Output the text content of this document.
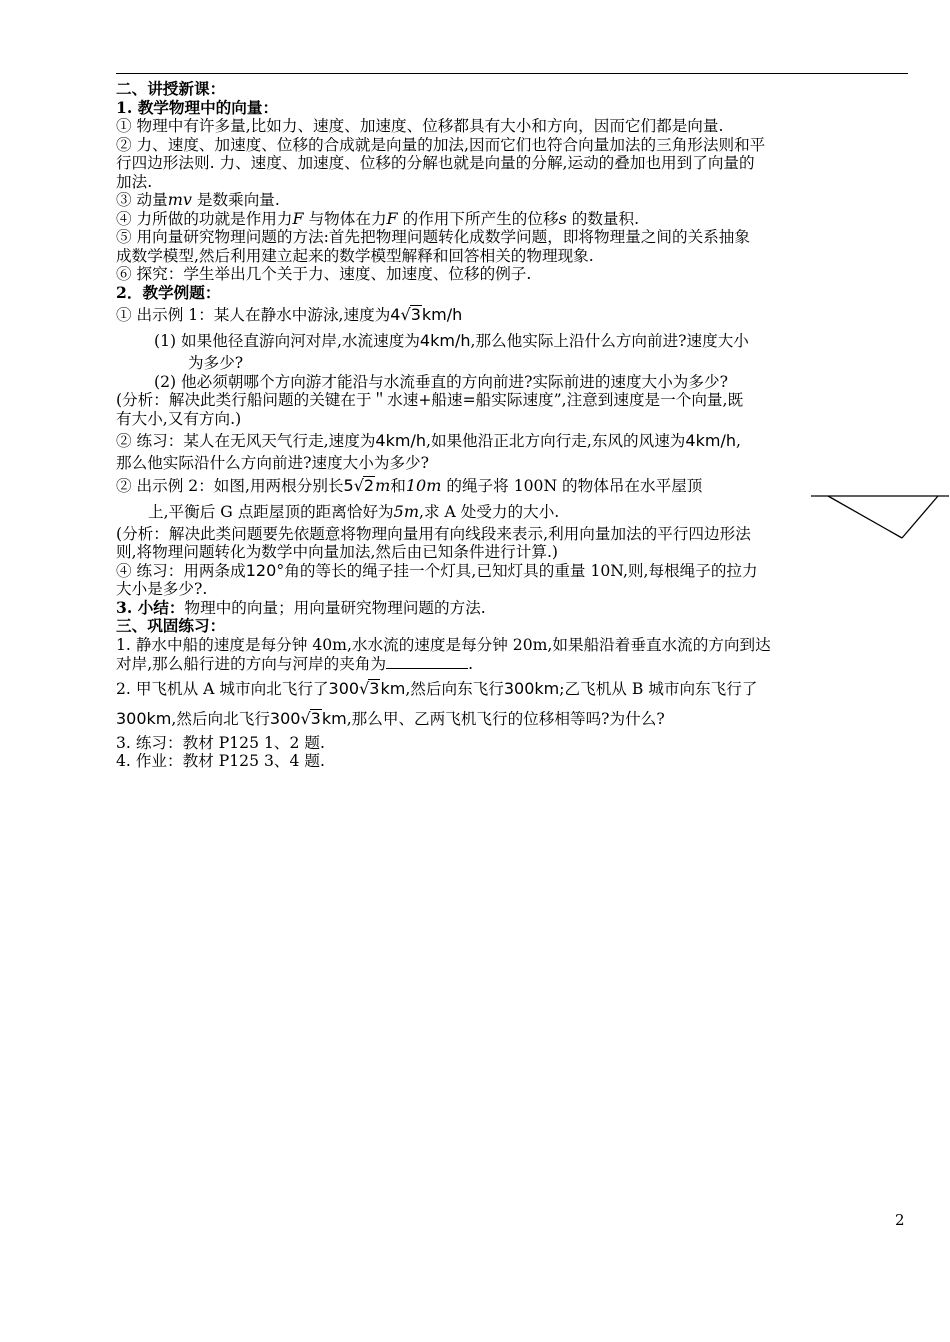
二、讲授新课：
1. 教学物理中的向量：
① 物理中有许多量,比如力、速度、加速度、位移都具有大小和方向，因而它们都是向量.
② 力、速度、加速度、位移的合成就是向量的加法,因而它们也符合向量加法的三角形法则和平
行四边形法则. 力、速度、加速度、位移的分解也就是向量的分解,运动的叠加也用到了向量的
加法.
③ 动量mv 是数乘向量.
④ 力所做的功就是作用力F 与物体在力F 的作用下所产生的位移s 的数量积.
⑤ 用向量研究物理问题的方法:首先把物理问题转化成数学问题，即将物理量之间的关系抽象
成数学模型,然后利用建立起来的数学模型解释和回答相关的物理现象.
⑥ 探究：学生举出几个关于力、速度、加速度、位移的例子.
2．教学例题：
① 出示例 1：某人在静水中游泳,速度为4√3km/h
(1) 如果他径直游向河对岸,水流速度为4km/h,那么他实际上沿什么方向前进?速度大小
为多少?
(2) 他必须朝哪个方向游才能沿与水流垂直的方向前进?实际前进的速度大小为多少?
(分析：解决此类行船问题的关键在于＂水速+船速=船实际速度”,注意到速度是一个向量,既
有大小,又有方向.)
② 练习：某人在无风天气行走,速度为4km/h,如果他沿正北方向行走,东风的风速为4km/h,
那么他实际沿什么方向前进?速度大小为多少?
② 出示例 2：如图,用两根分别长5√2m和10m 的绳子将 100N 的物体吊在水平屋顶
上,平衡后 G 点距屋顶的距离恰好为5m,求 A 处受力的大小.
(分析：解决此类问题要先依题意将物理向量用有向线段来表示,利用向量加法的平行四边形法
则,将物理问题转化为数学中向量加法,然后由已知条件进行计算.)
④ 练习：用两条成120°角的等长的绳子挂一个灯具,已知灯具的重量 10N,则,每根绳子的拉力
大小是多少?.
3. 小结：物理中的向量；用向量研究物理问题的方法.
三、巩固练习：
1. 静水中船的速度是每分钟 40m,水水流的速度是每分钟 20m,如果船沿着垂直水流的方向到达
对岸,那么船行进的方向与河岸的夹角为	.
2. 甲飞机从 A 城市向北飞行了300√3km,然后向东飞行300km;乙飞机从 B 城市向东飞行了
300km,然后向北飞行300√3km,那么甲、乙两飞机飞行的位移相等吗?为什么?
3. 练习：教材 P125 1、2 题.
4. 作业：教材 P125 3、4 题.
2
